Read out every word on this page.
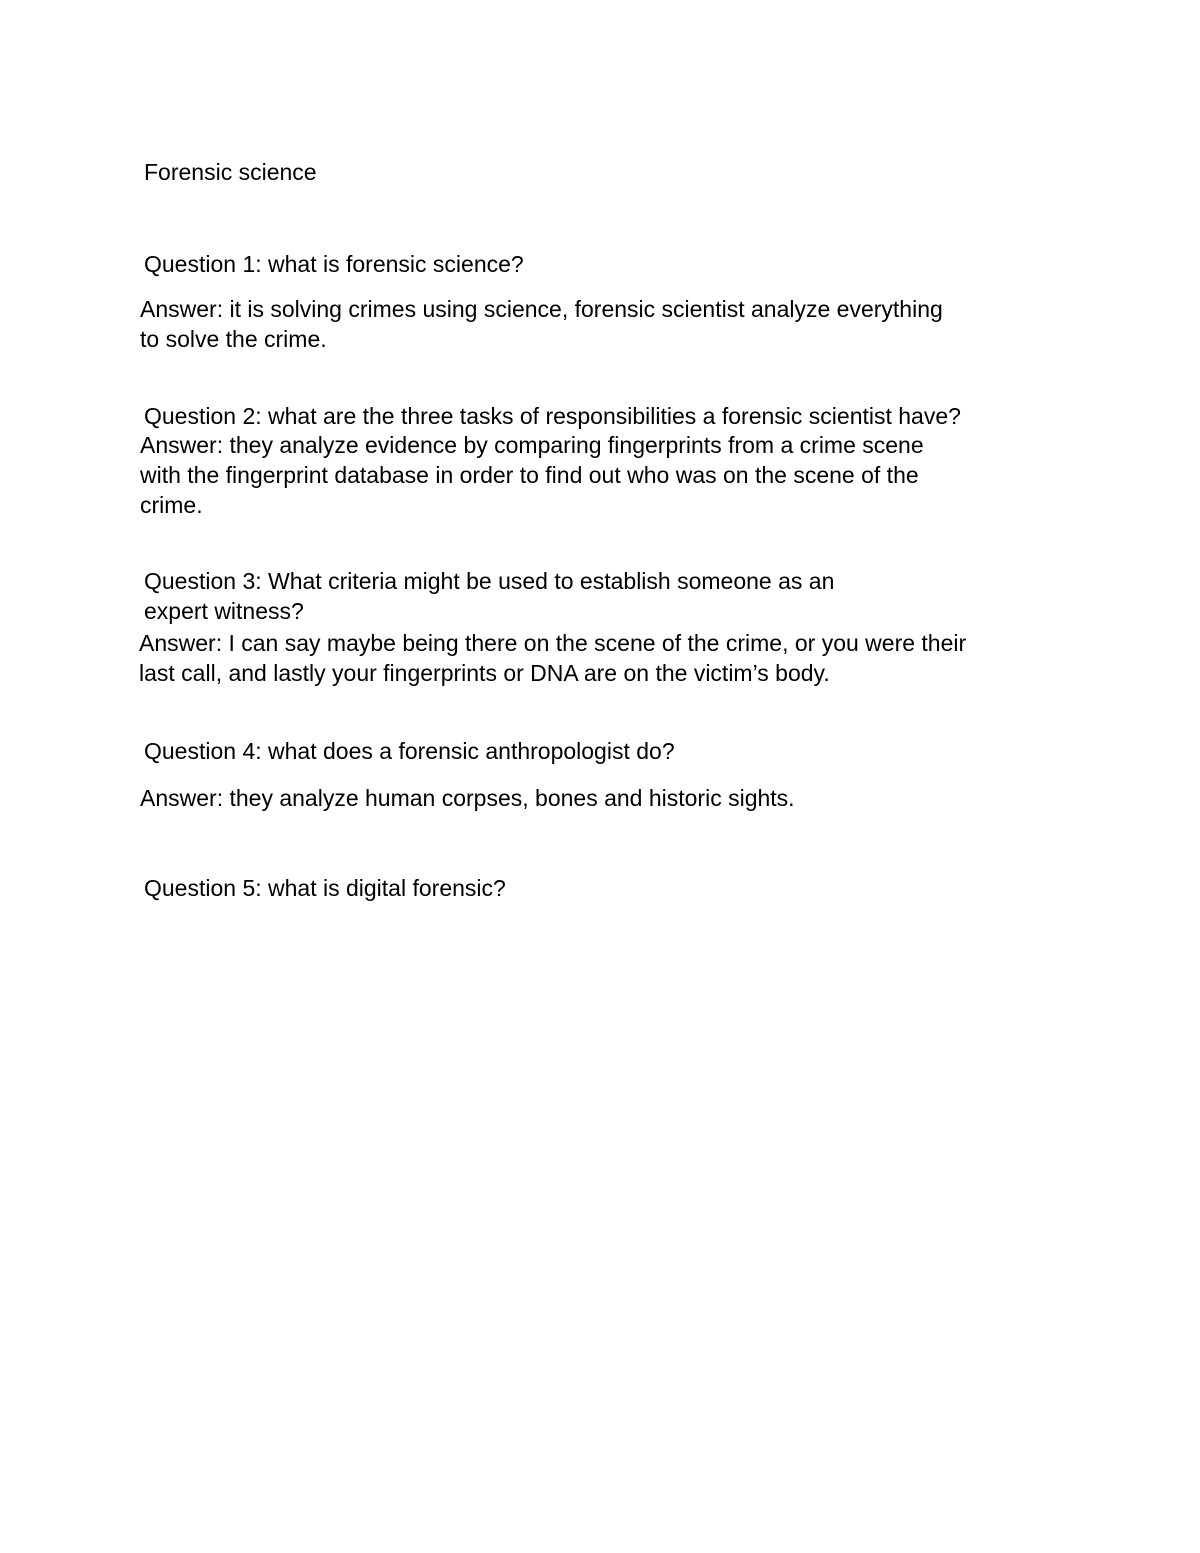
Forensic science
Question 1: what is forensic science?
Answer: it is solving crimes using science, forensic scientist analyze everything
to solve the crime.
Question 2: what are the three tasks of responsibilities a forensic scientist have?
Answer: they analyze evidence by comparing fingerprints from a crime scene
with the fingerprint database in order to find out who was on the scene of the
crime.
Question 3: What criteria might be used to establish someone as an
expert witness?
Answer: I can say maybe being there on the scene of the crime, or you were their
last call, and lastly your fingerprints or DNA are on the victim’s body.
Question 4: what does a forensic anthropologist do?
Answer: they analyze human corpses, bones and historic sights.
Question 5: what is digital forensic?
